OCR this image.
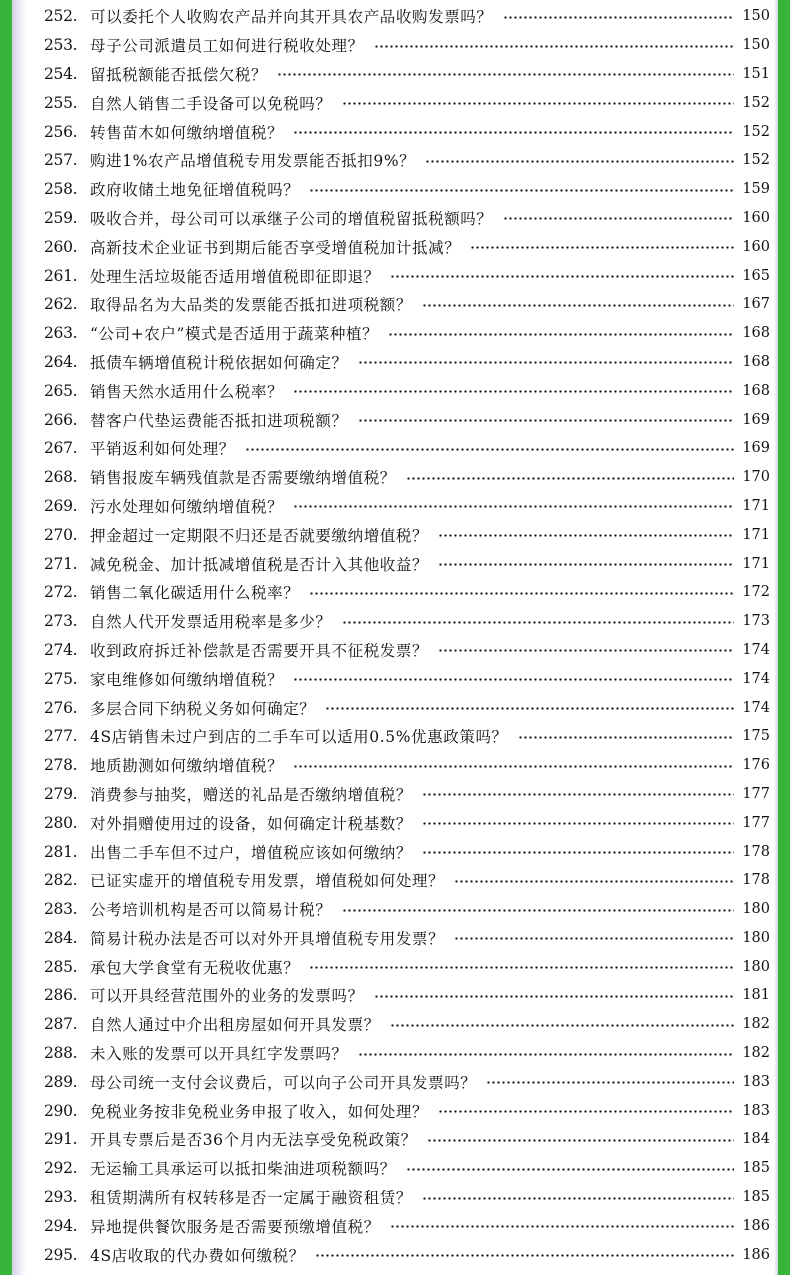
252. 可以委托个人收购农产品并向其开具农产品收购发票吗？	150
253. 母子公司派遣员工如何进行税收处理？	150
254. 留抵税额能否抵偿欠税？	151
255. 自然人销售二手设备可以免税吗？	152
256. 转售苗木如何缴纳增值税？	152
257. 购进1%农产品增值税专用发票能否抵扣9%？	152
258. 政府收储土地免征增值税吗？	159
259. 吸收合并，母公司可以承继子公司的增值税留抵税额吗？	160
260. 高新技术企业证书到期后能否享受增值税加计抵减？	160
261. 处理生活垃圾能否适用增值税即征即退？	165
262. 取得品名为大品类的发票能否抵扣进项税额？	167
263. “公司+农户”模式是否适用于蔬菜种植？	168
264. 抵债车辆增值税计税依据如何确定？	168
265. 销售天然水适用什么税率？	168
266. 替客户代垫运费能否抵扣进项税额？	169
267. 平销返利如何处理？	169
268. 销售报废车辆残值款是否需要缴纳增值税？	170
269. 污水处理如何缴纳增值税？	171
270. 押金超过一定期限不归还是否就要缴纳增值税？	171
271. 减免税金、加计抵减增值税是否计入其他收益？	171
272. 销售二氧化碳适用什么税率？	172
273. 自然人代开发票适用税率是多少？	173
274. 收到政府拆迁补偿款是否需要开具不征税发票？	174
275. 家电维修如何缴纳增值税？	174
276. 多层合同下纳税义务如何确定？	174
277. 4S店销售未过户到店的二手车可以适用0.5%优惠政策吗？	175
278. 地质勘测如何缴纳增值税？	176
279. 消费参与抽奖，赠送的礼品是否缴纳增值税？	177
280. 对外捐赠使用过的设备，如何确定计税基数？	177
281. 出售二手车但不过户，增值税应该如何缴纳？	178
282. 已证实虚开的增值税专用发票，增值税如何处理？	178
283. 公考培训机构是否可以简易计税？	180
284. 简易计税办法是否可以对外开具增值税专用发票？	180
285. 承包大学食堂有无税收优惠？	180
286. 可以开具经营范围外的业务的发票吗？	181
287. 自然人通过中介出租房屋如何开具发票？	182
288. 未入账的发票可以开具红字发票吗？	182
289. 母公司统一支付会议费后，可以向子公司开具发票吗？	183
290. 免税业务按非免税业务申报了收入，如何处理？	183
291. 开具专票后是否36个月内无法享受免税政策？	184
292. 无运输工具承运可以抵扣柴油进项税额吗？	185
293. 租赁期满所有权转移是否一定属于融资租赁？	185
294. 异地提供餐饮服务是否需要预缴增值税？	186
295. 4S店收取的代办费如何缴税？	186
